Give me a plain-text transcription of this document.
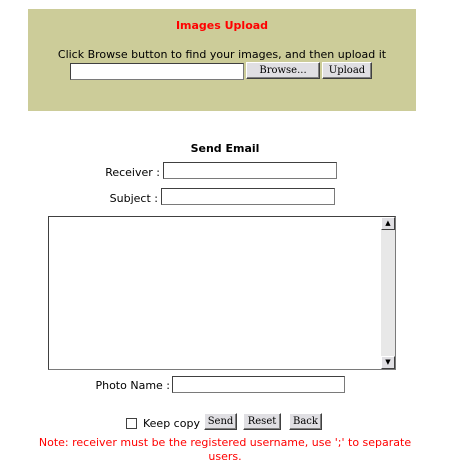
Images Upload
Click Browse button to find your images, and then upload it
Browse...	Upload
Send Email
Receiver :
Subject :
▲
▼
Photo Name :
Keep copy Send	Reset	Back
Note: receiver must be the registered username, use ';' to separate users.
